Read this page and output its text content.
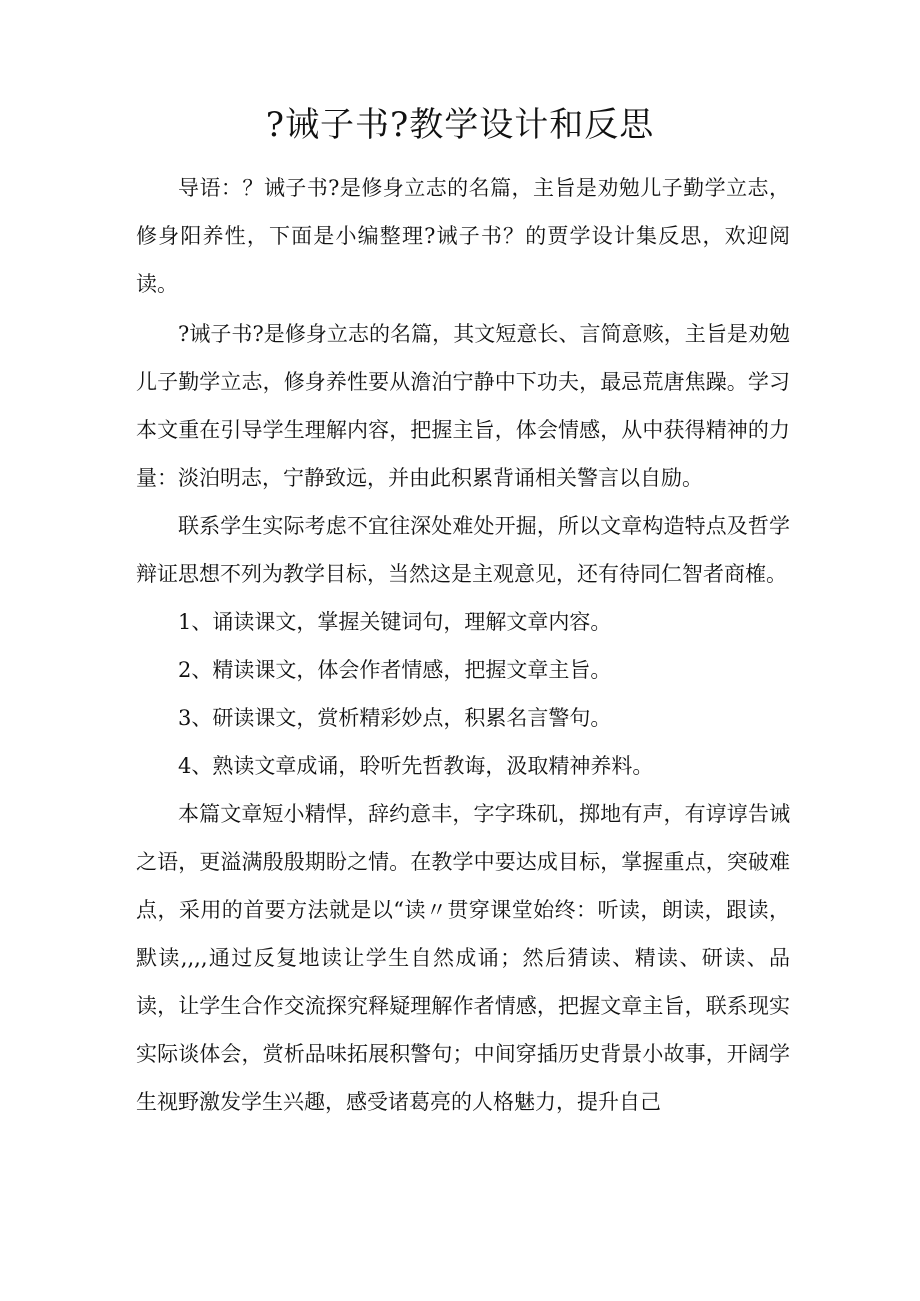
?诫子书?教学设计和反思

导语：？诫子书?是修身立志的名篇，主旨是劝勉儿子勤学立志，修身阳养性，下面是小编整理?诫子书？的贾学设计集反思，欢迎阅读。

?诫子书?是修身立志的名篇，其文短意长、言简意赅，主旨是劝勉儿子勤学立志，修身养性要从澹泊宁静中下功夫，最忌荒唐焦躁。学习本文重在引导学生理解内容，把握主旨，体会情感，从中获得精神的力量：淡泊明志，宁静致远，并由此积累背诵相关警言以自励。

联系学生实际考虑不宜往深处难处开掘，所以文章构造特点及哲学辩证思想不列为教学目标，当然这是主观意见，还有待同仁智者商榷。

1、诵读课文，掌握关键词句，理解文章内容。

2、精读课文，体会作者情感，把握文章主旨。

3、研读课文，赏析精彩妙点，积累名言警句。

4、熟读文章成诵，聆听先哲教诲，汲取精神养料。

本篇文章短小精悍，辞约意丰，字字珠矶，掷地有声，有谆谆告诫之语，更溢满殷殷期盼之情。在教学中要达成目标，掌握重点，突破难点，采用的首要方法就是以“读〃贯穿课堂始终：听读，朗读，跟读，默读,,,,通过反复地读让学生自然成诵；然后猜读、精读、研读、品读，让学生合作交流探究释疑理解作者情感，把握文章主旨，联系现实实际谈体会，赏析品味拓展积警句；中间穿插历史背景小故事，开阔学生视野激发学生兴趣，感受诸葛亮的人格魅力，提升自己
